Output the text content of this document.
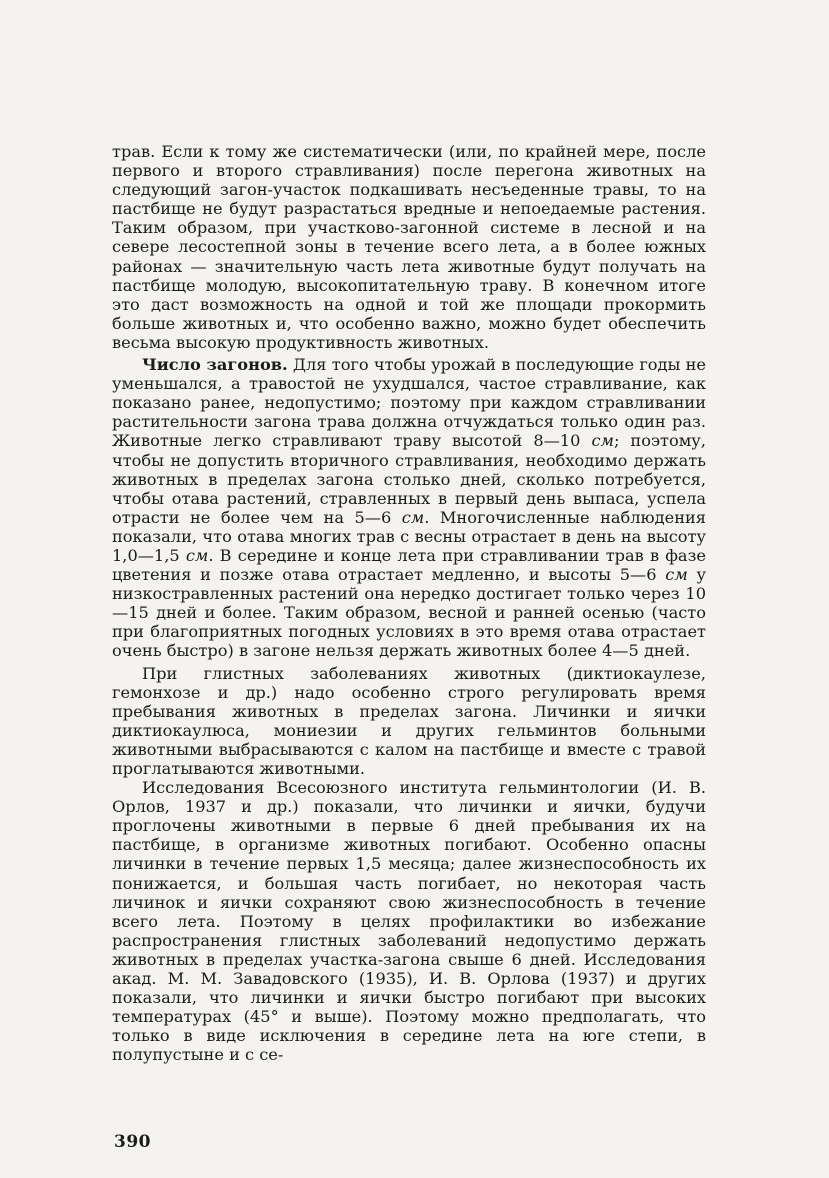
трав. Если к тому же систематически (или, по крайней мере, после первого и второго стравливания) после перегона животных на следующий загон-участок подкашивать несъеденные травы, то на пастбище не будут разрастаться вредные и непоедаемые растения. Таким образом, при участково-загонной системе в лесной и на севере лесостепной зоны в течение всего лета, а в более южных районах — значительную часть лета животные будут получать на пастбище молодую, высокопитательную траву. В конечном итоге это даст возможность на одной и той же площади прокормить больше животных и, что особенно важно, можно будет обеспечить весьма высокую продуктивность животных.

Число загонов. Для того чтобы урожай в последующие годы не уменьшался, а травостой не ухудшался, частое стравливание, как показано ранее, недопустимо; поэтому при каждом стравливании растительности загона трава должна отчуждаться только один раз. Животные легко стравливают траву высотой 8—10 см; поэтому, чтобы не допустить вторичного стравливания, необходимо держать животных в пределах загона столько дней, сколько потребуется, чтобы отава растений, стравленных в первый день выпаса, успела отрасти не более чем на 5—6 см. Многочисленные наблюдения показали, что отава многих трав с весны отрастает в день на высоту 1,0—1,5 см. В середине и конце лета при стравливании трав в фазе цветения и позже отава отрастает медленно, и высоты 5—6 см у низкостравленных растений она нередко достигает только через 10—15 дней и более. Таким образом, весной и ранней осенью (часто при благоприятных погодных условиях в это время отава отрастает очень быстро) в загоне нельзя держать животных более 4—5 дней.

При глистных заболеваниях животных (диктиокаулезе, гемонхозе и др.) надо особенно строго регулировать время пребывания животных в пределах загона. Личинки и яички диктиокаулюса, мониезии и других гельминтов больными животными выбрасываются с калом на пастбище и вместе с травой проглатываются животными.

Исследования Всесоюзного института гельминтологии (И. В. Орлов, 1937 и др.) показали, что личинки и яички, будучи проглочены животными в первые 6 дней пребывания их на пастбище, в организме животных погибают. Особенно опасны личинки в течение первых 1,5 месяца; далее жизнеспособность их понижается, и большая часть погибает, но некоторая часть личинок и яички сохраняют свою жизнеспособность в течение всего лета. Поэтому в целях профилактики во избежание распространения глистных заболеваний недопустимо держать животных в пределах участка-загона свыше 6 дней. Исследования акад. М. М. Завадовского (1935), И. В. Орлова (1937) и других показали, что личинки и яички быстро погибают при высоких температурах (45° и выше). Поэтому можно предполагать, что только в виде исключения в середине лета на юге степи, в полупустыне и с се-

390
